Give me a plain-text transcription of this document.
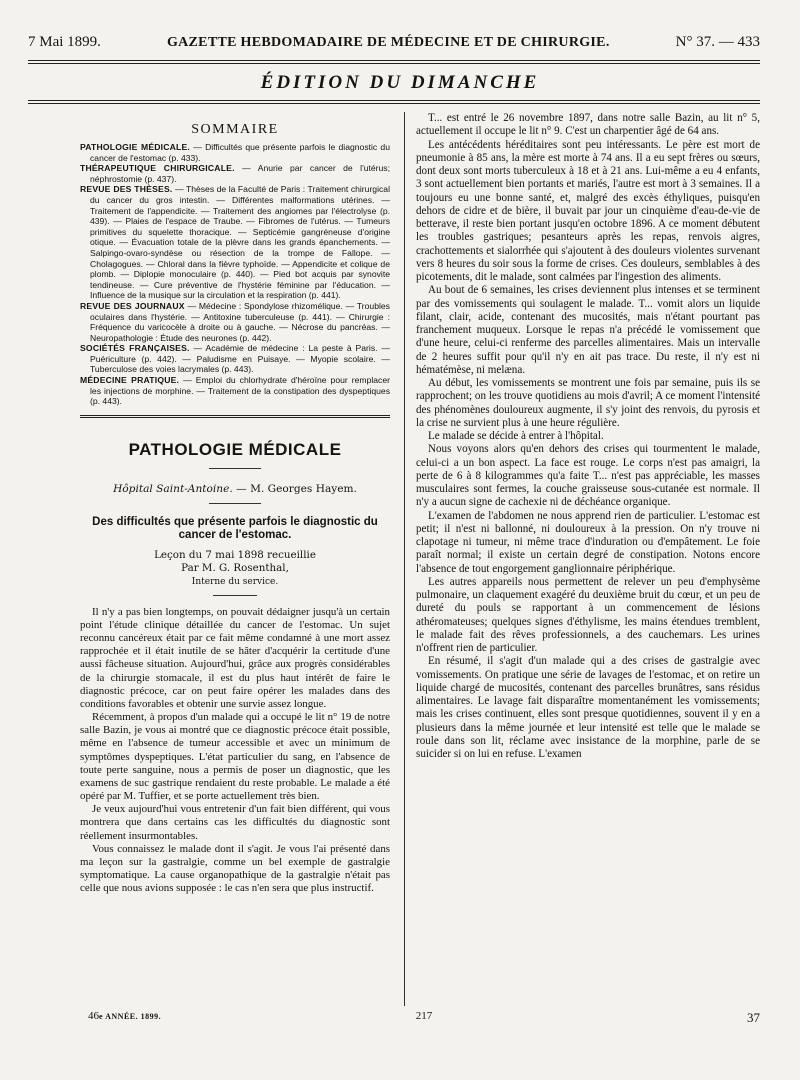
7 Mai 1899.	GAZETTE HEBDOMADAIRE DE MÉDECINE ET DE CHIRURGIE.	N° 37. — 433
ÉDITION DU DIMANCHE
SOMMAIRE

PATHOLOGIE MÉDICALE. — Difficultés que présente parfois le diagnostic du cancer de l'estomac (p. 433).

THÉRAPEUTIQUE CHIRURGICALE. — Anurie par cancer de l'utérus; néphrostomie (p. 437).

REVUE DES THÈSES. — Thèses de la Faculté de Paris : Traitement chirurgical du cancer du gros intestin. — Différentes malformations utérines. — Traitement de l'appendicite. — Traitement des angiomes par l'électrolyse (p. 439). — Plaies de l'espace de Traube. — Fibromes de l'utérus. — Tumeurs primitives du squelette thoracique. — Septicémie gangréneuse d'origine otique. — Évacuation totale de la plèvre dans les grands épanchements. — Salpingo-ovaro-syndèse ou résection de la trompe de Fallope. — Cholagogues. — Chloral dans la fièvre typhoïde. — Appendicite et colique de plomb. — Diplopie monoculaire (p. 440). — Pied bot acquis par synovite tendineuse. — Cure préventive de l'hystérie féminine par l'éducation. — Influence de la musique sur la circulation et la respiration (p. 441).

REVUE DES JOURNAUX — Médecine : Spondylose rhizomélique. — Troubles oculaires dans l'hystérie. — Antitoxine tuberculeuse (p. 441). — Chirurgie : Fréquence du varicocèle à droite ou à gauche. — Nécrose du pancréas. — Neuropathologie : Étude des neurones (p. 442).

SOCIÉTÉS FRANÇAISES. — Académie de médecine : La peste à Paris. — Puériculture (p. 442). — Paludisme en Puisaye. — Myopie scolaire. — Tuberculose des voies lacrymales (p. 443).

MÉDECINE PRATIQUE. — Emploi du chlorhydrate d'héroïne pour remplacer les injections de morphine. — Traitement de la constipation des dyspeptiques (p. 443).

PATHOLOGIE MÉDICALE
Hôpital Saint-Antoine. — M. Georges Hayem.
Des difficultés que présente parfois le diagnostic du cancer de l'estomac.
Leçon du 7 mai 1898 recueillie
Par M. G. Rosenthal,
Interne du service.

Il n'y a pas bien longtemps, on pouvait dédaigner jusqu'à un certain point l'étude clinique détaillée du cancer de l'estomac. Un sujet reconnu cancéreux était par ce fait même condamné à une mort assez rapprochée et il était inutile de se hâter d'acquérir la certitude d'une aussi fâcheuse situation. Aujourd'hui, grâce aux progrès considérables de la chirurgie stomacale, il est du plus haut intérêt de faire le diagnostic précoce, car on peut faire opérer les malades dans des conditions favorables et obtenir une survie assez longue.

Récemment, à propos d'un malade qui a occupé le lit n° 19 de notre salle Bazin, je vous ai montré que ce diagnostic précoce était possible, même en l'absence de tumeur accessible et avec un minimum de symptômes dyspeptiques. L'état particulier du sang, en l'absence de toute perte sanguine, nous a permis de poser un diagnostic, que les examens de suc gastrique rendaient du reste probable. Le malade a été opéré par M. Tuffier, et se porte actuellement très bien.

Je veux aujourd'hui vous entretenir d'un fait bien différent, qui vous montrera que dans certains cas les difficultés du diagnostic sont réellement insurmontables.

Vous connaissez le malade dont il s'agit. Je vous l'ai présenté dans ma leçon sur la gastralgie, comme un bel exemple de gastralgie symptomatique. La cause organopathique de la gastralgie n'était pas celle que nous avions supposée : le cas n'en sera que plus instructif.

T... est entré le 26 novembre 1897, dans notre salle Bazin, au lit n° 5, actuellement il occupe le lit n° 9. C'est un charpentier âgé de 64 ans.

Les antécédents héréditaires sont peu intéressants. Le père est mort de pneumonie à 85 ans, la mère est morte à 74 ans. Il a eu sept frères ou sœurs, dont deux sont morts tuberculeux à 18 et à 21 ans. Lui-même a eu 4 enfants, 3 sont actuellement bien portants et mariés, l'autre est mort à 3 semaines. Il a toujours eu une bonne santé, et, malgré des excès éthyliques, puisqu'en dehors de cidre et de bière, il buvait par jour un cinquième d'eau-de-vie de betterave, il reste bien portant jusqu'en octobre 1896. A ce moment débutent les troubles gastriques; pesanteurs après les repas, renvois aigres, crachottements et sialorrhée qui s'ajoutent à des douleurs violentes survenant vers 8 heures du soir sous la forme de crises. Ces douleurs, semblables à des picotements, dit le malade, sont calmées par l'ingestion des aliments.

Au bout de 6 semaines, les crises deviennent plus intenses et se terminent par des vomissements qui soulagent le malade. T... vomit alors un liquide filant, clair, acide, contenant des mucosités, mais n'étant pourtant pas franchement muqueux. Lorsque le repas n'a précédé le vomissement que d'une heure, celui-ci renferme des parcelles alimentaires. Mais un intervalle de 2 heures suffit pour qu'il n'y en ait pas trace. Du reste, il n'y est ni hématémèse, ni melæna.

Au début, les vomissements se montrent une fois par semaine, puis ils se rapprochent; on les trouve quotidiens au mois d'avril; A ce moment l'intensité des phénomènes douloureux augmente, il s'y joint des renvois, du pyrosis et la crise ne survient plus à une heure régulière.

Le malade se décide à entrer à l'hôpital.

Nous voyons alors qu'en dehors des crises qui tourmentent le malade, celui-ci a un bon aspect. La face est rouge. Le corps n'est pas amaigri, la perte de 6 à 8 kilogrammes qu'a faite T... n'est pas appréciable, les masses musculaires sont fermes, la couche graisseuse sous-cutanée est normale. Il n'y a aucun signe de cachexie ni de déchéance organique.

L'examen de l'abdomen ne nous apprend rien de particulier. L'estomac est petit; il n'est ni ballonné, ni douloureux à la pression. On n'y trouve ni clapotage ni tumeur, ni même trace d'induration ou d'empâtement. Le foie paraît normal; il existe un certain degré de constipation. Notons encore l'absence de tout engorgement ganglionnaire périphérique.

Les autres appareils nous permettent de relever un peu d'emphysème pulmonaire, un claquement exagéré du deuxième bruit du cœur, et un peu de dureté du pouls se rapportant à un commencement de lésions athéromateuses; quelques signes d'éthylisme, les mains étendues tremblent, le malade fait des rêves professionnels, a des cauchemars. Les urines n'offrent rien de particulier.

En résumé, il s'agit d'un malade qui a des crises de gastralgie avec vomissements. On pratique une série de lavages de l'estomac, et on retire un liquide chargé de mucosités, contenant des parcelles brunâtres, sans résidus alimentaires. Le lavage fait disparaître momentanément les vomissements; mais les crises continuent, elles sont presque quotidiennes, souvent il y en a plusieurs dans la même journée et leur intensité est telle que le malade se roule dans son lit, réclame avec insistance de la morphine, parle de se suicider si on lui en refuse. L'examen

46e ANNÉE. 1899.	217	37
